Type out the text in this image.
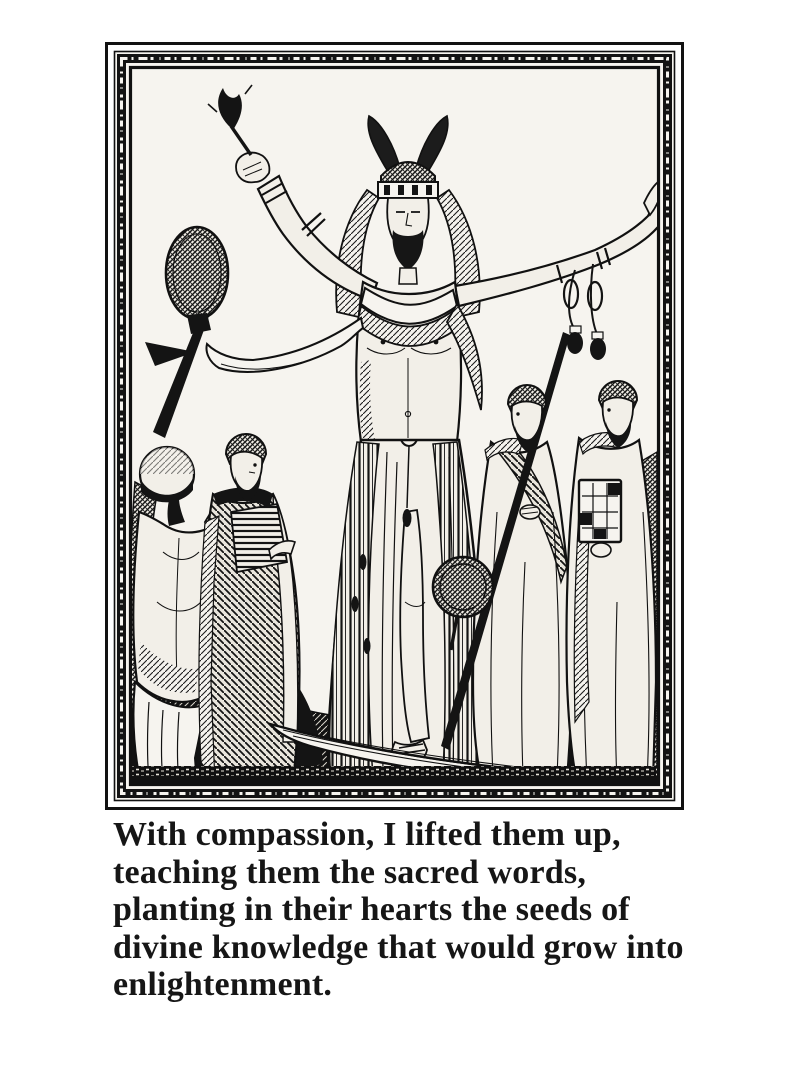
With compassion, I lifted them up,
teaching them the sacred words,
planting in their hearts the seeds of
divine knowledge that would grow into
enlightenment.
